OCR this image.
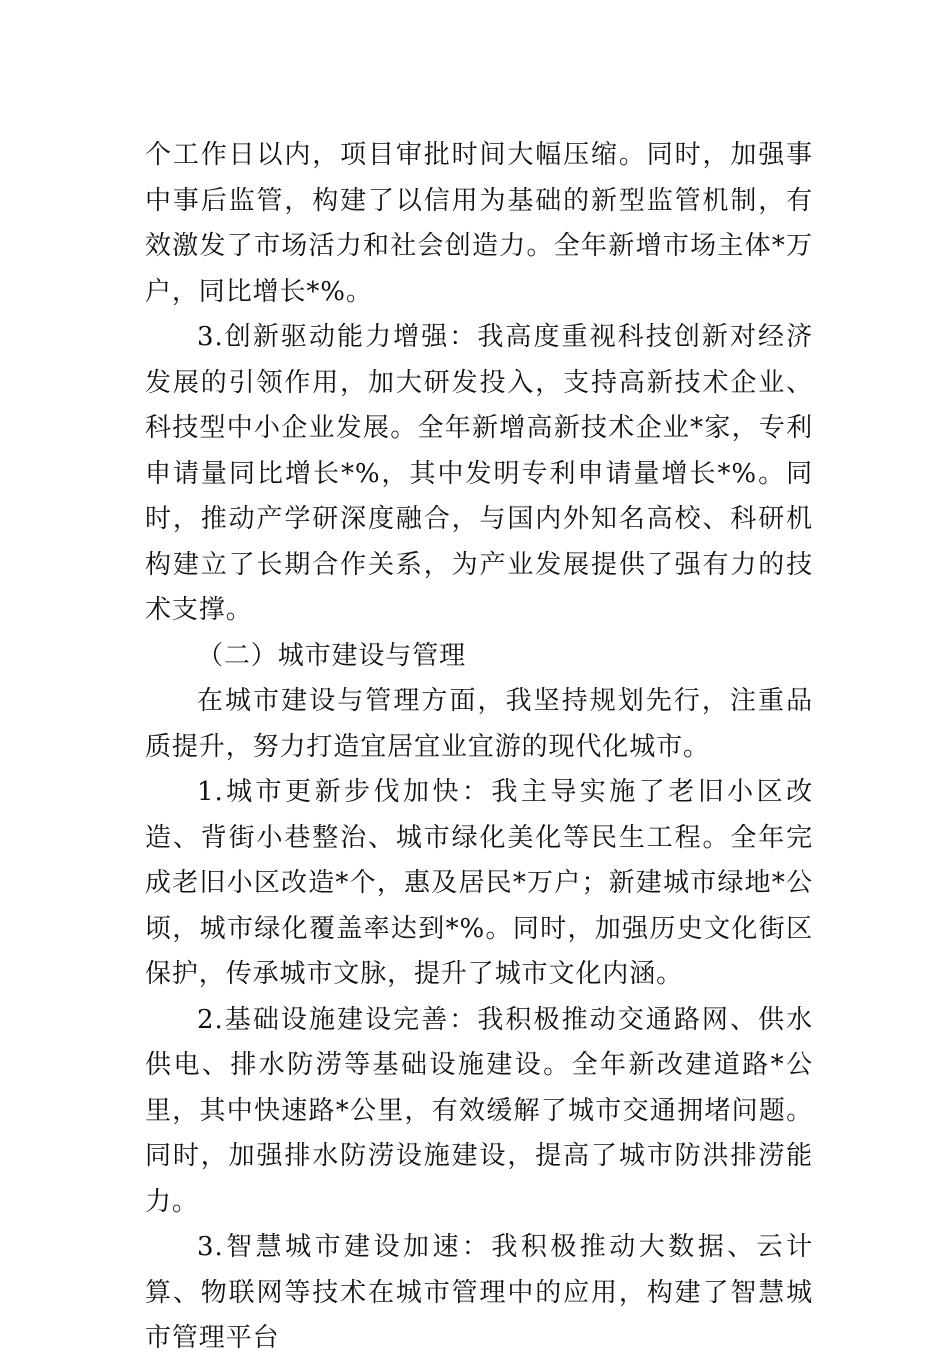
个工作日以内，项目审批时间大幅压缩。同时，加强事中事后监管，构建了以信用为基础的新型监管机制，有效激发了市场活力和社会创造力。全年新增市场主体*万户，同比增长*%。

3.创新驱动能力增强：我高度重视科技创新对经济发展的引领作用，加大研发投入，支持高新技术企业、科技型中小企业发展。全年新增高新技术企业*家，专利申请量同比增长*%，其中发明专利申请量增长*%。同时，推动产学研深度融合，与国内外知名高校、科研机构建立了长期合作关系，为产业发展提供了强有力的技术支撑。

（二）城市建设与管理

在城市建设与管理方面，我坚持规划先行，注重品质提升，努力打造宜居宜业宜游的现代化城市。

1.城市更新步伐加快：我主导实施了老旧小区改造、背街小巷整治、城市绿化美化等民生工程。全年完成老旧小区改造*个，惠及居民*万户；新建城市绿地*公顷，城市绿化覆盖率达到*%。同时，加强历史文化街区保护，传承城市文脉，提升了城市文化内涵。

2.基础设施建设完善：我积极推动交通路网、供水供电、排水防涝等基础设施建设。全年新改建道路*公里，其中快速路*公里，有效缓解了城市交通拥堵问题。同时，加强排水防涝设施建设，提高了城市防洪排涝能力。

3.智慧城市建设加速：我积极推动大数据、云计算、物联网等技术在城市管理中的应用，构建了智慧城市管理平台
